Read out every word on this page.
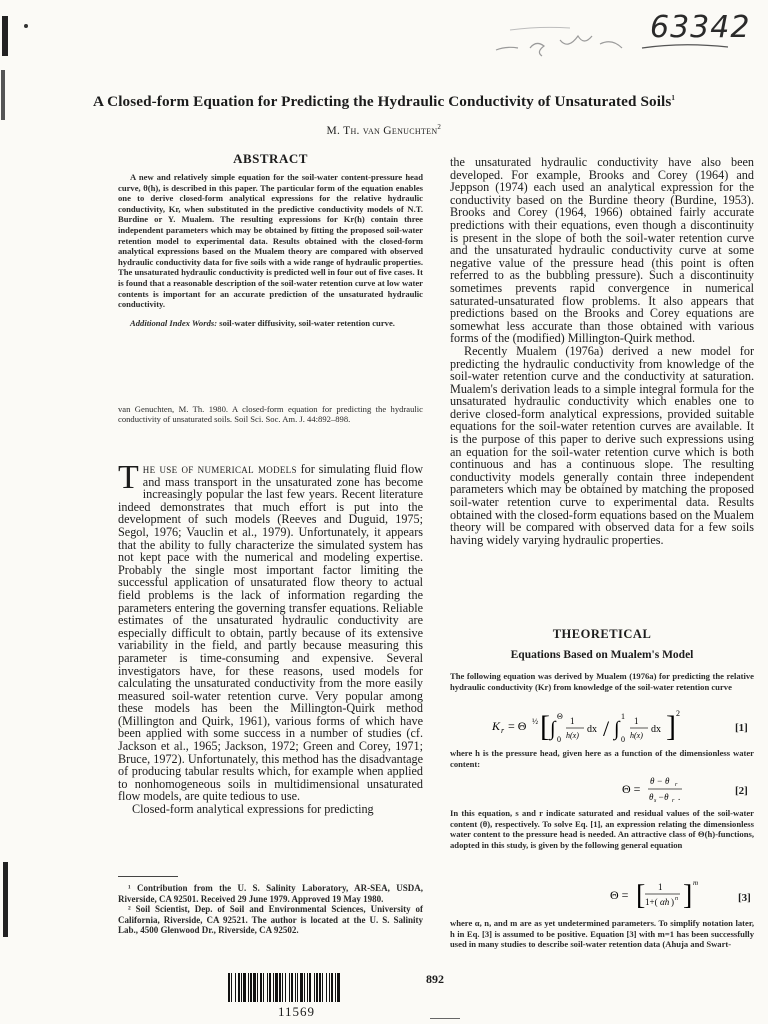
63342
A Closed-form Equation for Predicting the Hydraulic Conductivity of Unsaturated Soils$^1$
M. Th. van Genuchten$^2$
ABSTRACT
A new and relatively simple equation for the soil-water content-pressure head curve, θ(h), is described in this paper. The particular form of the equation enables one to derive closed-form analytical expressions for the relative hydraulic conductivity, Kr, when substituted in the predictive conductivity models of N.T. Burdine or Y. Mualem. The resulting expressions for Kr(h) contain three independent parameters which may be obtained by fitting the proposed soil-water retention model to experimental data. Results obtained with the closed-form analytical expressions based on the Mualem theory are compared with observed hydraulic conductivity data for five soils with a wide range of hydraulic properties. The unsaturated hydraulic conductivity is predicted well in four out of five cases. It is found that a reasonable description of the soil-water retention curve at low water contents is important for an accurate prediction of the unsaturated hydraulic conductivity.
Additional Index Words: soil-water diffusivity, soil-water retention curve.
van Genuchten, M. Th. 1980. A closed-form equation for predicting the hydraulic conductivity of unsaturated soils. Soil Sci. Soc. Am. J. 44:892–898.

The use of numerical models for simulating fluid flow and mass transport in the unsaturated zone has become increasingly popular the last few years. Recent literature indeed demonstrates that much effort is put into the development of such models (Reeves and Duguid, 1975; Segol, 1976; Vauclin et al., 1979). Unfortunately, it appears that the ability to fully characterize the simulated system has not kept pace with the numerical and modeling expertise. Probably the single most important factor limiting the successful application of unsaturated flow theory to actual field problems is the lack of information regarding the parameters entering the governing transfer equations. Reliable estimates of the unsaturated hydraulic conductivity are especially difficult to obtain, partly because of its extensive variability in the field, and partly because measuring this parameter is time-consuming and expensive. Several investigators have, for these reasons, used models for calculating the unsaturated conductivity from the more easily measured soil-water retention curve. Very popular among these models has been the Millington-Quirk method (Millington and Quirk, 1961), various forms of which have been applied with some success in a number of studies (cf. Jackson et al., 1965; Jackson, 1972; Green and Corey, 1971; Bruce, 1972). Unfortunately, this method has the disadvantage of producing tabular results which, for example when applied to nonhomogeneous soils in multidimensional unsaturated flow models, are quite tedious to use.

Closed-form analytical expressions for predicting

¹ Contribution from the U. S. Salinity Laboratory, AR-SEA, USDA, Riverside, CA 92501. Received 29 June 1979. Approved 19 May 1980.
² Soil Scientist, Dep. of Soil and Environmental Sciences, University of California, Riverside, CA 92521. The author is located at the U. S. Salinity Lab., 4500 Glenwood Dr., Riverside, CA 92502.

the unsaturated hydraulic conductivity have also been developed. For example, Brooks and Corey (1964) and Jeppson (1974) each used an analytical expression for the conductivity based on the Burdine theory (Burdine, 1953). Brooks and Corey (1964, 1966) obtained fairly accurate predictions with their equations, even though a discontinuity is present in the slope of both the soil-water retention curve and the unsaturated hydraulic conductivity curve at some negative value of the pressure head (this point is often referred to as the bubbling pressure). Such a discontinuity sometimes prevents rapid convergence in numerical saturated-unsaturated flow problems. It also appears that predictions based on the Brooks and Corey equations are somewhat less accurate than those obtained with various forms of the (modified) Millington-Quirk method.

Recently Mualem (1976a) derived a new model for predicting the hydraulic conductivity from knowledge of the soil-water retention curve and the conductivity at saturation. Mualem's derivation leads to a simple integral formula for the unsaturated hydraulic conductivity which enables one to derive closed-form analytical expressions, provided suitable equations for the soil-water retention curves are available. It is the purpose of this paper to derive such expressions using an equation for the soil-water retention curve which is both continuous and has a continuous slope. The resulting conductivity models generally contain three independent parameters which may be obtained by matching the proposed soil-water retention curve to experimental data. Results obtained with the closed-form equations based on the Mualem theory will be compared with observed data for a few soils having widely varying hydraulic properties.

THEORETICAL
Equations Based on Mualem's Model
The following equation was derived by Mualem (1976a) for predicting the relative hydraulic conductivity (Kr) from knowledge of the soil-water retention curve
K r = Θ ½ [ ∫
Θ
0
1
h(x)
dx / ∫
1
0
1
h(x)
dx ] 2
[1]
where h is the pressure head, given here as a function of the dimensionless water content:
Θ =
θ − θ r
θ s −θ r .	[2]
In this equation, s and r indicate saturated and residual values of the soil-water content (θ), respectively. To solve Eq. [1], an expression relating the dimensionless water content to the pressure head is needed. An attractive class of Θ(h)-functions, adopted in this study, is given by the following general equation
Θ = [ 1
1+( αh ) n ] m
[3]
where α, n, and m are as yet undetermined parameters. To simplify notation later, h in Eq. [3] is assumed to be positive. Equation [3] with m=1 has been successfully used in many studies to describe soil-water retention data (Ahuja and Swart-
892
11569
